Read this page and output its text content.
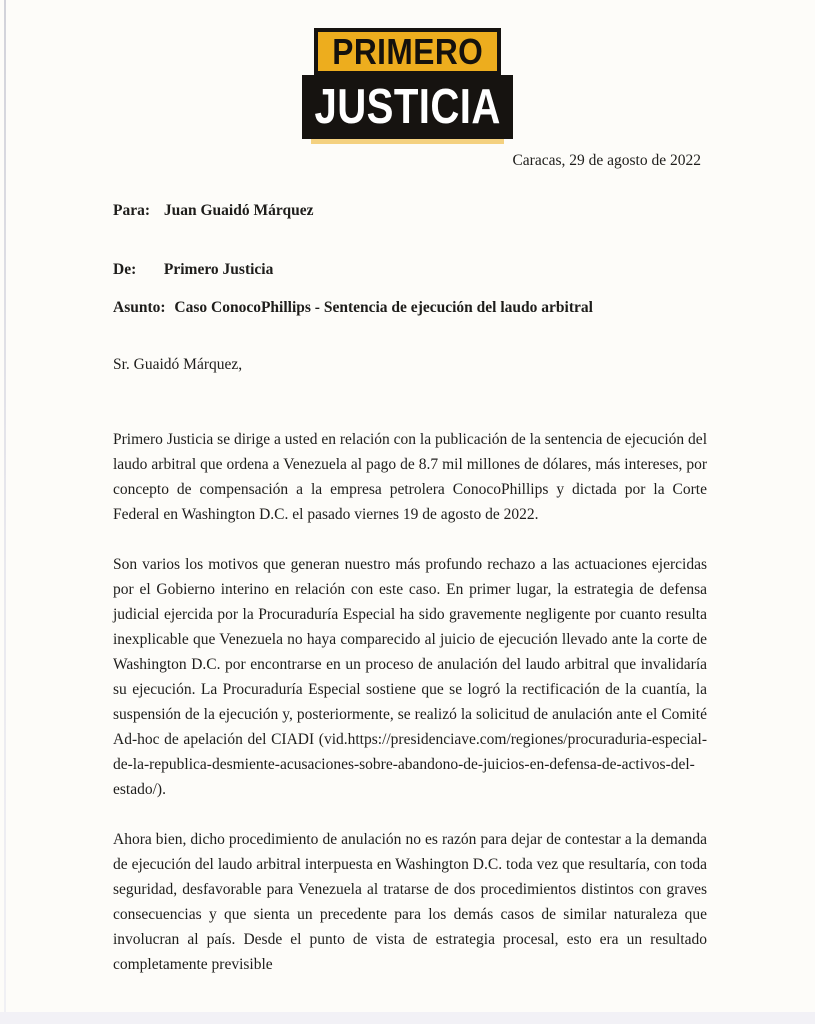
PRIMERO
JUSTICIA
Caracas, 29 de agosto de 2022
Para: Juan Guaidó Márquez
De: Primero Justicia
Asunto: Caso ConocoPhillips - Sentencia de ejecución del laudo arbitral
Sr. Guaidó Márquez,

Primero Justicia se dirige a usted en relación con la publicación de la sentencia de ejecución del laudo arbitral que ordena a Venezuela al pago de 8.7 mil millones de dólares, más intereses, por concepto de compensación a la empresa petrolera ConocoPhillips y dictada por la Corte Federal en Washington D.C. el pasado viernes 19 de agosto de 2022.

Son varios los motivos que generan nuestro más profundo rechazo a las actuaciones ejercidas por el Gobierno interino en relación con este caso. En primer lugar, la estrategia de defensa judicial ejercida por la Procuraduría Especial ha sido gravemente negligente por cuanto resulta inexplicable que Venezuela no haya comparecido al juicio de ejecución llevado ante la corte de Washington D.C. por encontrarse en un proceso de anulación del laudo arbitral que invalidaría su ejecución. La Procuraduría Especial sostiene que se logró la rectificación de la cuantía, la suspensión de la ejecución y, posteriormente, se realizó la solicitud de anulación ante el Comité Ad-hoc de apelación del CIADI (vid.https://presidenciave.com/regiones/procuraduria-especial-de-la-republica-desmiente-acusaciones-sobre-abandono-de-juicios-en-defensa-de-activos-del-estado/).

Ahora bien, dicho procedimiento de anulación no es razón para dejar de contestar a la demanda de ejecución del laudo arbitral interpuesta en Washington D.C. toda vez que resultaría, con toda seguridad, desfavorable para Venezuela al tratarse de dos procedimientos distintos con graves consecuencias y que sienta un precedente para los demás casos de similar naturaleza que involucran al país. Desde el punto de vista de estrategia procesal, esto era un resultado completamente previsible
